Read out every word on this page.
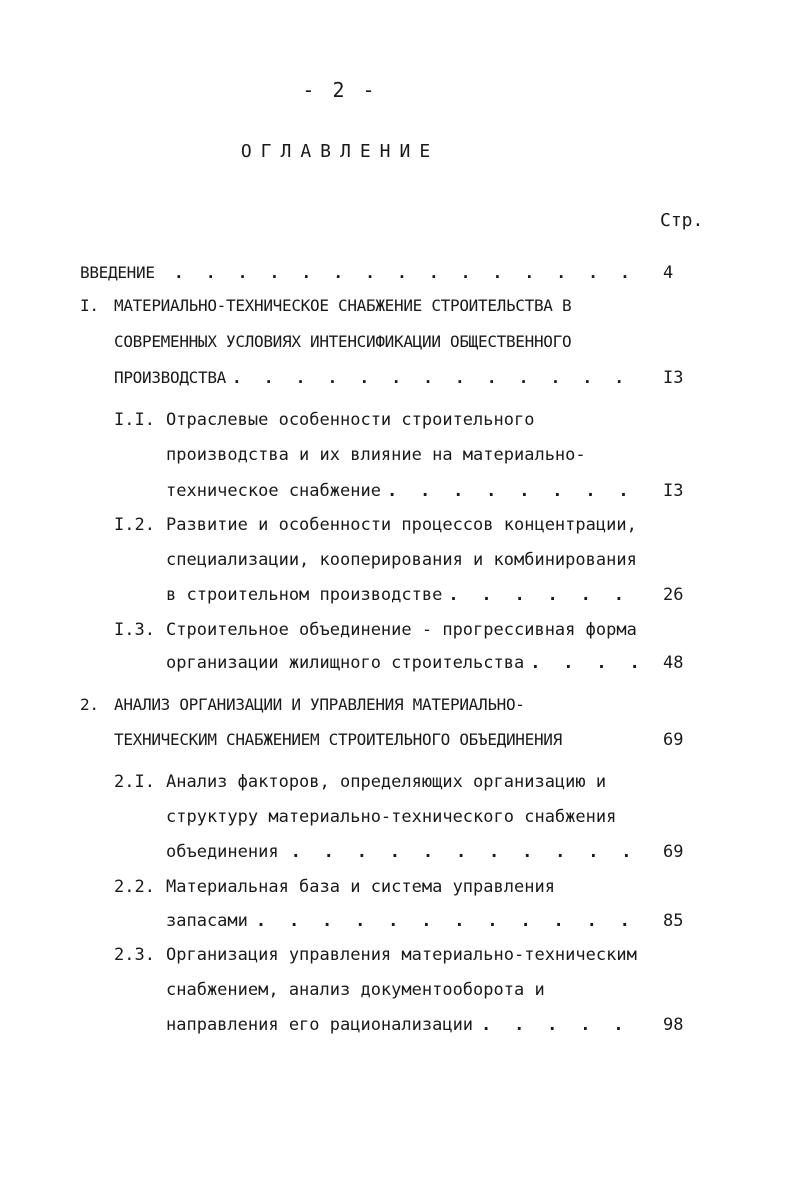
- 2 -
ОГЛАВЛЕНИЕ
Стр.
ВВЕДЕНИЕ . . . . . . . . . . . . . . . 4
I. МАТЕРИАЛЬНО-ТЕХНИЧЕСКОЕ СНАБЖЕНИЕ СТРОИТЕЛЬСТВА В
СОВРЕМЕННЫХ УСЛОВИЯХ ИНТЕНСИФИКАЦИИ ОБЩЕСТВЕННОГО
ПРОИЗВОДСТВА . . . . . . . . . . . . . I3
I.I. Отраслевые особенности строительного
производства и их влияние на материально-
техническое снабжение . . . . . . . . I3
I.2. Развитие и особенности процессов концентрации,
специализации, кооперирования и комбинирования
в строительном производстве . . . . . . 26
I.3. Строительное объединение - прогрессивная форма
организации жилищного строительства . . . . 48
2. АНАЛИЗ ОРГАНИЗАЦИИ И УПРАВЛЕНИЯ МАТЕРИАЛЬНО-
ТЕХНИЧЕСКИМ СНАБЖЕНИЕМ СТРОИТЕЛЬНОГО ОБЪЕДИНЕНИЯ	69
2.I. Анализ факторов, определяющих организацию и
структуру материально-технического снабжения
объединения . . . . . . . . . . . 69
2.2. Материальная база и система управления
запасами . . . . . . . . . . . . 85
2.3. Организация управления материально-техническим
снабжением, анализ документооборота и
направления его рационализации . . . . . 98
